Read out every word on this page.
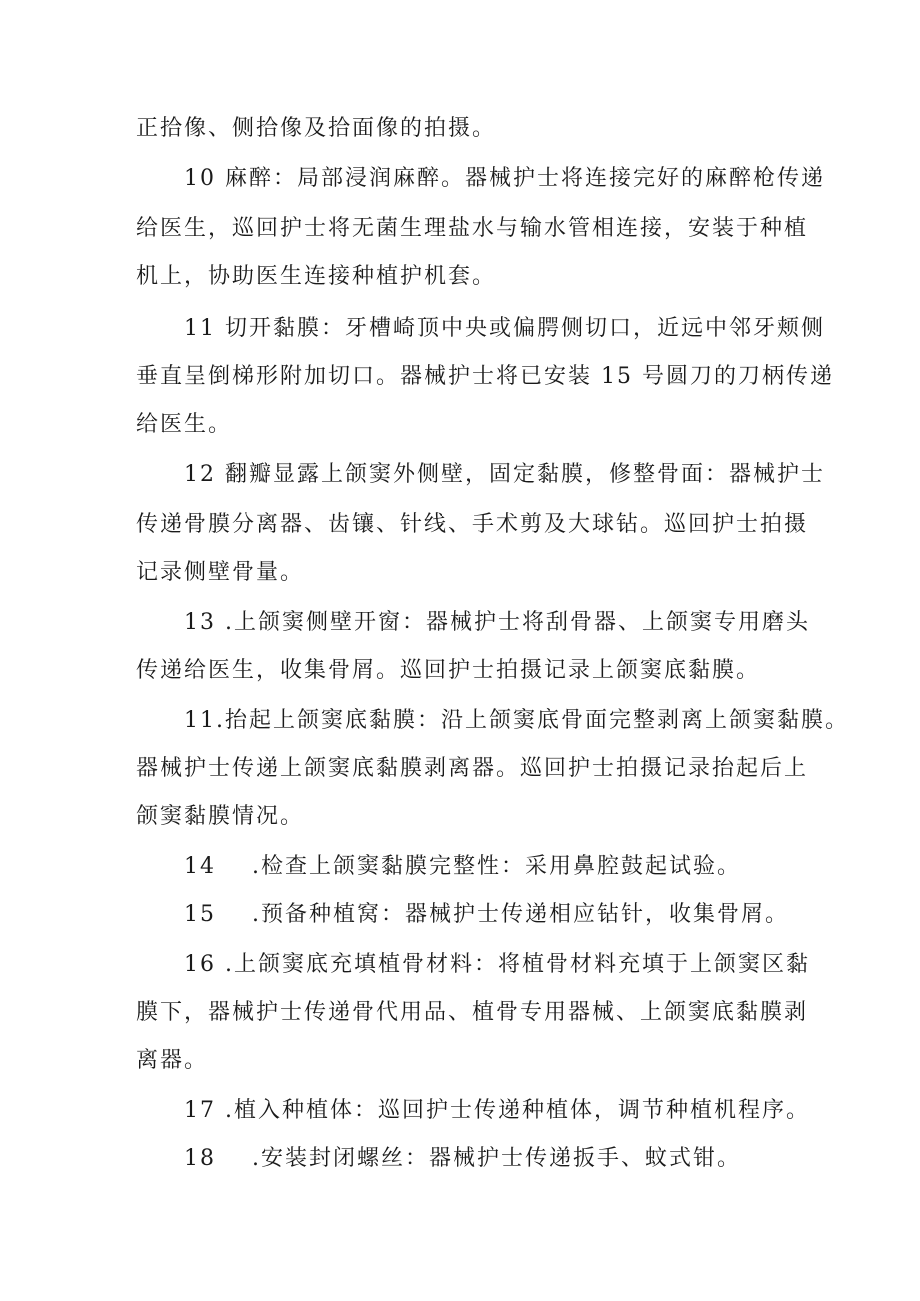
正拾像、侧拾像及拾面像的拍摄。
10 麻醉：局部浸润麻醉。器械护士将连接完好的麻醉枪传递
给医生，巡回护士将无菌生理盐水与输水管相连接，安装于种植
机上，协助医生连接种植护机套。
11 切开黏膜：牙槽崎顶中央或偏腭侧切口，近远中邻牙颊侧
垂直呈倒梯形附加切口。器械护士将已安装 15 号圆刀的刀柄传递
给医生。
12 翻瓣显露上颌窦外侧壁，固定黏膜，修整骨面：器械护士
传递骨膜分离器、齿镶、针线、手术剪及大球钻。巡回护士拍摄
记录侧壁骨量。
13 .上颌窦侧壁开窗：器械护士将刮骨器、上颌窦专用磨头
传递给医生，收集骨屑。巡回护士拍摄记录上颌窦底黏膜。
11.抬起上颌窦底黏膜：沿上颌窦底骨面完整剥离上颌窦黏膜。
器械护士传递上颌窦底黏膜剥离器。巡回护士拍摄记录抬起后上
颌窦黏膜情况。
14    .检查上颌窦黏膜完整性：采用鼻腔鼓起试验。
15    .预备种植窝：器械护士传递相应钻针，收集骨屑。
16 .上颌窦底充填植骨材料：将植骨材料充填于上颌窦区黏
膜下，器械护士传递骨代用品、植骨专用器械、上颌窦底黏膜剥
离器。
17 .植入种植体：巡回护士传递种植体，调节种植机程序。
18    .安装封闭螺丝：器械护士传递扳手、蚊式钳。
